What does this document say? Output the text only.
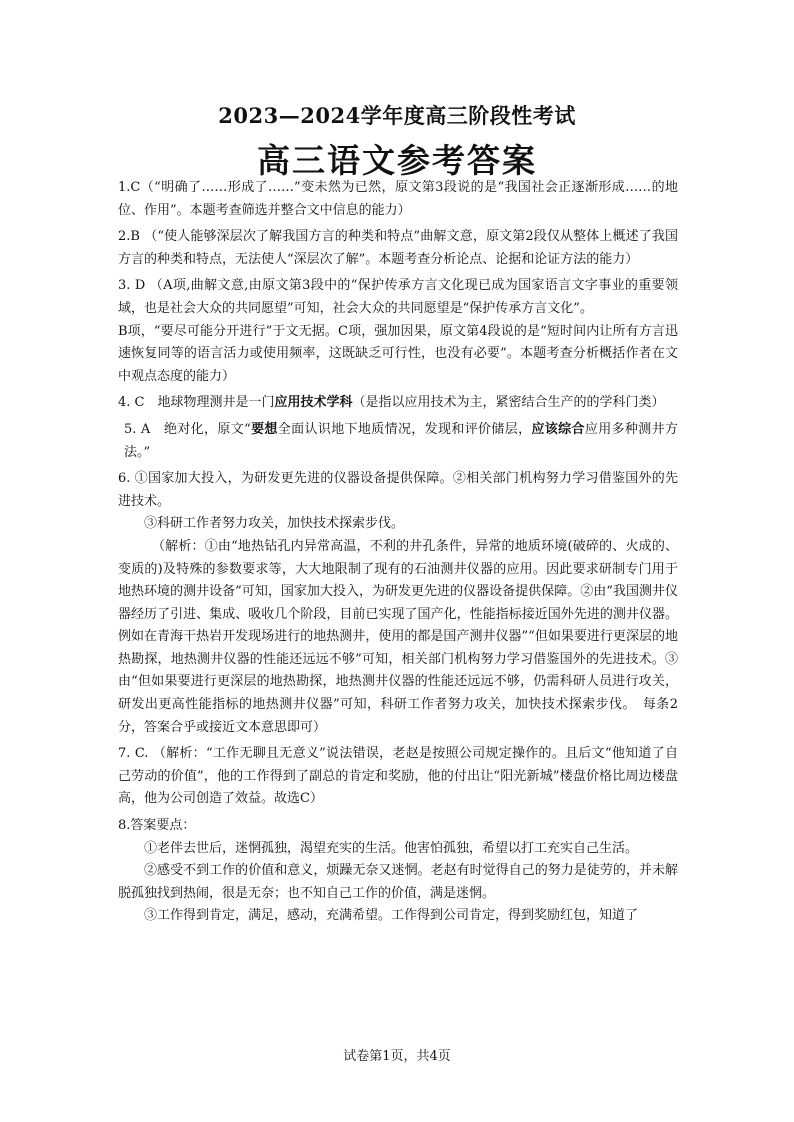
2023—2024学年度高三阶段性考试
高三语文参考答案

1.C（“明确了……形成了……”变未然为已然，原文第3段说的是“我国社会正逐渐形成……的地位、作用”。本题考查筛选并整合文中信息的能力）

2.B （“使人能够深层次了解我国方言的种类和特点”曲解文意，原文第2段仅从整体上概述了我国方言的种类和特点，无法使人“深层次了解”。本题考查分析论点、论据和论证方法的能力）

3. D （A项,曲解文意,由原文第3段中的“保护传承方言文化现已成为国家语言文字事业的重要领域，也是社会大众的共同愿望”可知，社会大众的共同愿望是“保护传承方言文化”。

B项，“要尽可能分开进行”于文无据。C项，强加因果，原文第4段说的是“短时间内让所有方言迅速恢复同等的语言活力或使用频率，这既缺乏可行性，也没有必要”。本题考查分析概括作者在文中观点态度的能力）

4. C　地球物理测井是一门应用技术学科（是指以应用技术为主，紧密结合生产的的学科门类）

5. A　绝对化，原文“要想全面认识地下地质情况，发现和评价储层，应该综合应用多种测井方法。”

6. ①国家加大投入，为研发更先进的仪器设备提供保障。②相关部门机构努力学习借鉴国外的先进技术。

③科研工作者努力攻关，加快技术探索步伐。

（解析：①由“地热钻孔内异常高温，不利的井孔条件，异常的地质环境(破碎的、火成的、变质的)及特殊的参数要求等，大大地限制了现有的石油测井仪器的应用。因此要求研制专门用于地热环境的测井设备”可知，国家加大投入，为研发更先进的仪器设备提供保障。②由“我国测井仪器经历了引进、集成、吸收几个阶段，目前已实现了国产化，性能指标接近国外先进的测井仪器。例如在青海干热岩开发现场进行的地热测井，使用的都是国产测井仪器”“但如果要进行更深层的地热勘探，地热测井仪器的性能还远远不够”可知，相关部门机构努力学习借鉴国外的先进技术。③由“但如果要进行更深层的地热勘探，地热测井仪器的性能还远远不够，仍需科研人员进行攻关，研发出更高性能指标的地热测井仪器”可知，科研工作者努力攻关，加快技术探索步伐。　每条2分，答案合乎或接近文本意思即可）

7. C. （解析：“工作无聊且无意义”说法错误，老赵是按照公司规定操作的。且后文“他知道了自己劳动的价值”，他的工作得到了副总的肯定和奖励，他的付出让“阳光新城”楼盘价格比周边楼盘高，他为公司创造了效益。故选C）

8.答案要点：

①老伴去世后，迷惘孤独，渴望充实的生活。他害怕孤独，希望以打工充实自己生活。

②感受不到工作的价值和意义，烦躁无奈又迷惘。老赵有时觉得自己的努力是徒劳的，并未解脱孤独找到热闹，很是无奈；也不知自己工作的价值，满是迷惘。

③工作得到肯定，满足，感动，充满希望。工作得到公司肯定，得到奖励红包，知道了

试卷第1页，共4页
